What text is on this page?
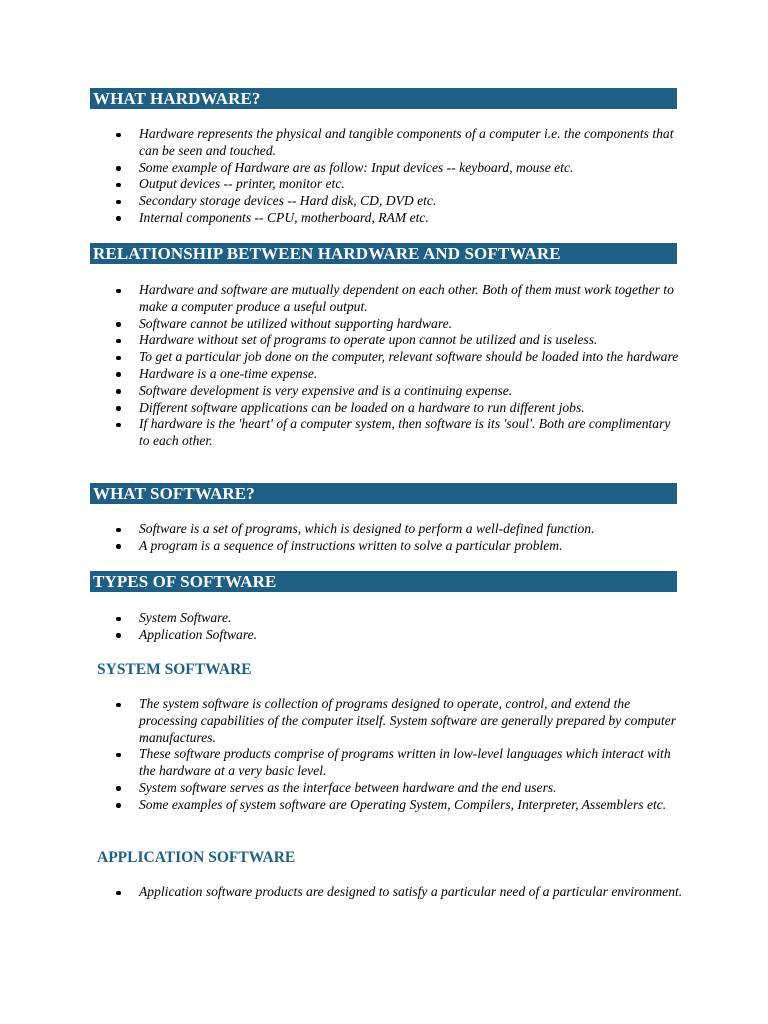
WHAT HARDWARE?
Hardware represents the physical and tangible components of a computer i.e. the components that can be seen and touched.
Some example of Hardware are as follow: Input devices -- keyboard, mouse etc.
Output devices -- printer, monitor etc.
Secondary storage devices -- Hard disk, CD, DVD etc.
Internal components -- CPU, motherboard, RAM etc.
RELATIONSHIP BETWEEN HARDWARE AND SOFTWARE
Hardware and software are mutually dependent on each other. Both of them must work together to make a computer produce a useful output.
Software cannot be utilized without supporting hardware.
Hardware without set of programs to operate upon cannot be utilized and is useless.
To get a particular job done on the computer, relevant software should be loaded into the hardware
Hardware is a one-time expense.
Software development is very expensive and is a continuing expense.
Different software applications can be loaded on a hardware to run different jobs.
If hardware is the 'heart' of a computer system, then software is its 'soul'. Both are complimentary to each other.
WHAT SOFTWARE?
Software is a set of programs, which is designed to perform a well-defined function.
A program is a sequence of instructions written to solve a particular problem.
TYPES OF SOFTWARE
System Software.
Application Software.
SYSTEM SOFTWARE
The system software is collection of programs designed to operate, control, and extend the processing capabilities of the computer itself. System software are generally prepared by computer manufactures.
These software products comprise of programs written in low-level languages which interact with the hardware at a very basic level.
System software serves as the interface between hardware and the end users.
Some examples of system software are Operating System, Compilers, Interpreter, Assemblers etc.
APPLICATION SOFTWARE
Application software products are designed to satisfy a particular need of a particular environment.
